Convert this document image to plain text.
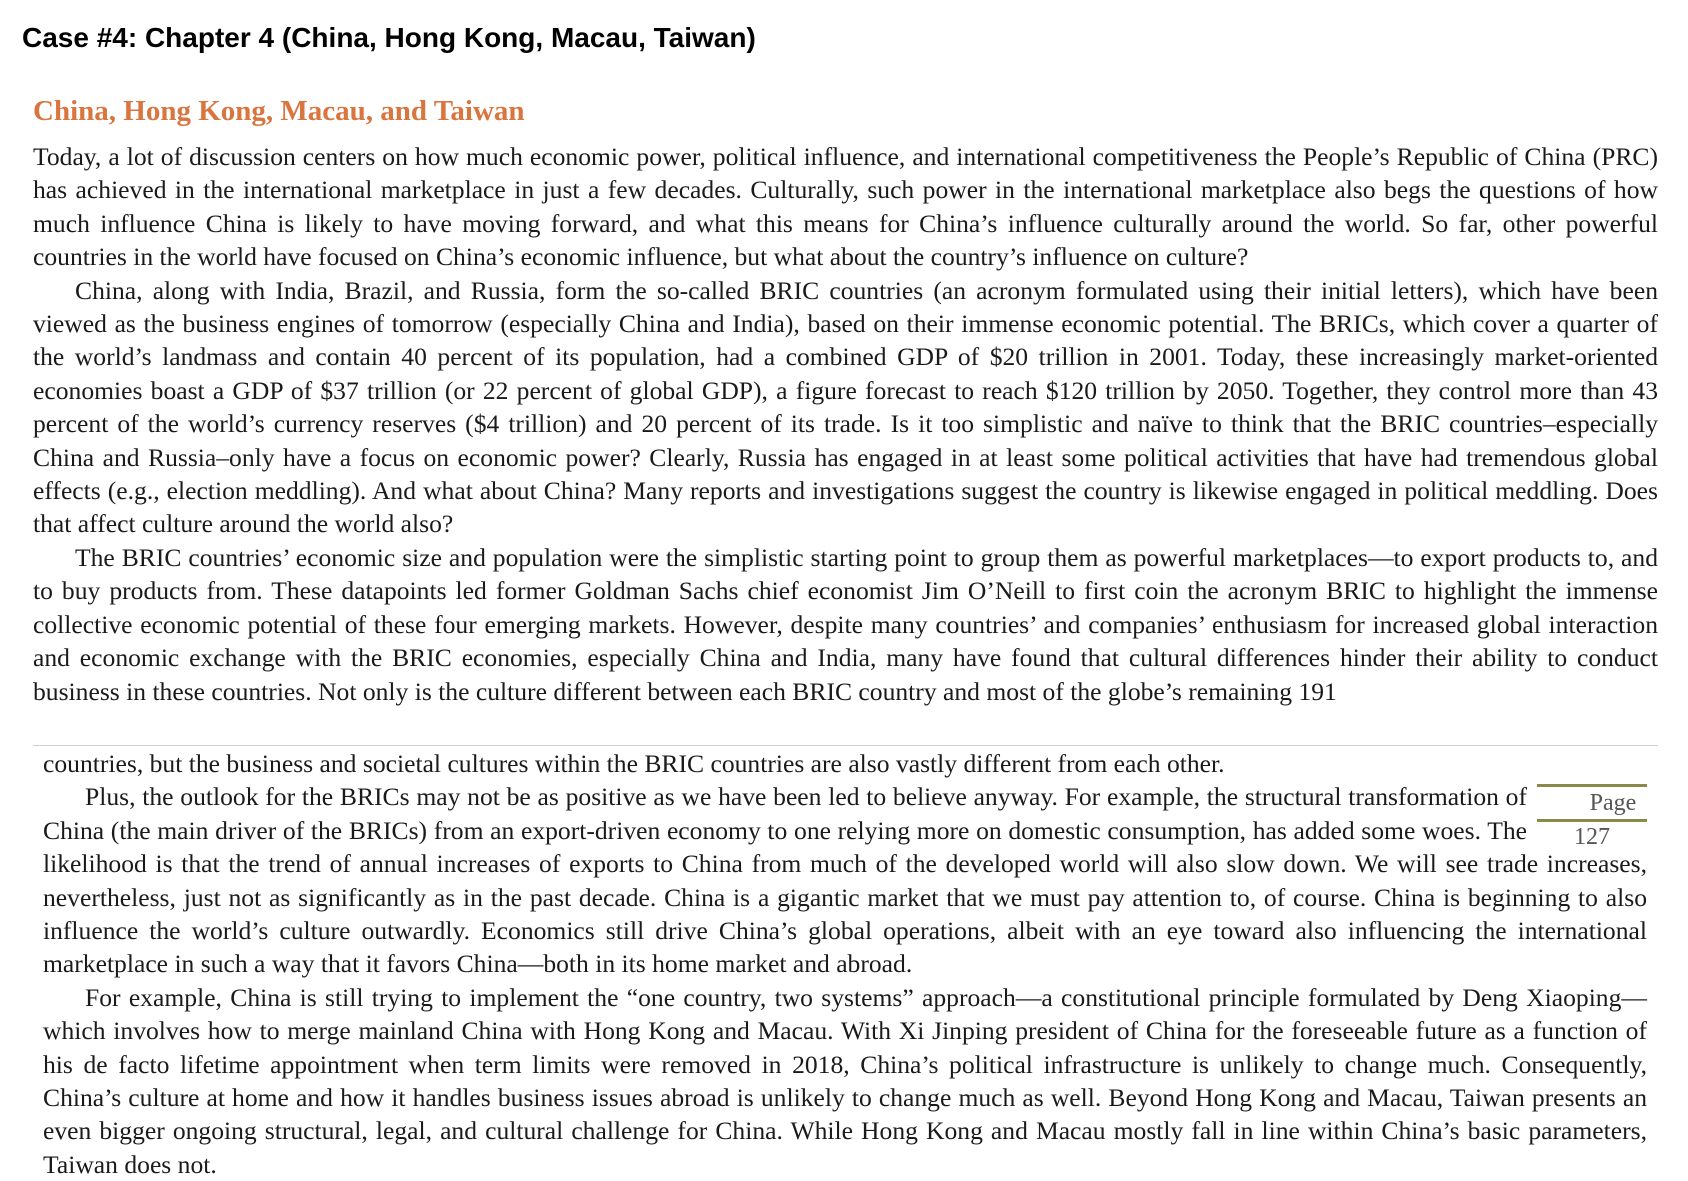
Case #4: Chapter 4 (China, Hong Kong, Macau, Taiwan)
China, Hong Kong, Macau, and Taiwan

Today, a lot of discussion centers on how much economic power, political influence, and international competitiveness the People’s Republic of China (PRC) has achieved in the international marketplace in just a few decades. Culturally, such power in the international marketplace also begs the questions of how much influence China is likely to have moving forward, and what this means for China’s influence culturally around the world. So far, other powerful countries in the world have focused on China’s economic influence, but what about the country’s influence on culture?

China, along with India, Brazil, and Russia, form the so-called BRIC countries (an acronym formulated using their initial letters), which have been viewed as the business engines of tomorrow (especially China and India), based on their immense economic potential. The BRICs, which cover a quarter of the world’s landmass and contain 40 percent of its population, had a combined GDP of $20 trillion in 2001. Today, these increasingly market-oriented economies boast a GDP of $37 trillion (or 22 percent of global GDP), a figure forecast to reach $120 trillion by 2050. Together, they control more than 43 percent of the world’s currency reserves ($4 trillion) and 20 percent of its trade. Is it too simplistic and naïve to think that the BRIC countries–especially China and Russia–only have a focus on economic power? Clearly, Russia has engaged in at least some political activities that have had tremendous global effects (e.g., election meddling). And what about China? Many reports and investigations suggest the country is likewise engaged in political meddling. Does that affect culture around the world also?

The BRIC countries’ economic size and population were the simplistic starting point to group them as powerful marketplaces—to export products to, and to buy products from. These datapoints led former Goldman Sachs chief economist Jim O’Neill to first coin the acronym BRIC to highlight the immense collective economic potential of these four emerging markets. However, despite many countries’ and companies’ enthusiasm for increased global interaction and economic exchange with the BRIC economies, especially China and India, many have found that cultural differences hinder their ability to conduct business in these countries. Not only is the culture different between each BRIC country and most of the globe’s remaining 191

countries, but the business and societal cultures within the BRIC countries are also vastly different from each other.

Page 127
Plus, the outlook for the BRICs may not be as positive as we have been led to believe anyway. For example, the structural transformation of China (the main driver of the BRICs) from an export-driven economy to one relying more on domestic consumption, has added some woes. The likelihood is that the trend of annual increases of exports to China from much of the developed world will also slow down. We will see trade increases, nevertheless, just not as significantly as in the past decade. China is a gigantic market that we must pay attention to, of course. China is beginning to also influence the world’s culture outwardly. Economics still drive China’s global operations, albeit with an eye toward also influencing the international marketplace in such a way that it favors China—both in its home market and abroad.

For example, China is still trying to implement the “one country, two systems” approach—a constitutional principle formulated by Deng Xiaoping—which involves how to merge mainland China with Hong Kong and Macau. With Xi Jinping president of China for the foreseeable future as a function of his de facto lifetime appointment when term limits were removed in 2018, China’s political infrastructure is unlikely to change much. Consequently, China’s culture at home and how it handles business issues abroad is unlikely to change much as well. Beyond Hong Kong and Macau, Taiwan presents an even bigger ongoing structural, legal, and cultural challenge for China. While Hong Kong and Macau mostly fall in line within China’s basic parameters, Taiwan does not.
